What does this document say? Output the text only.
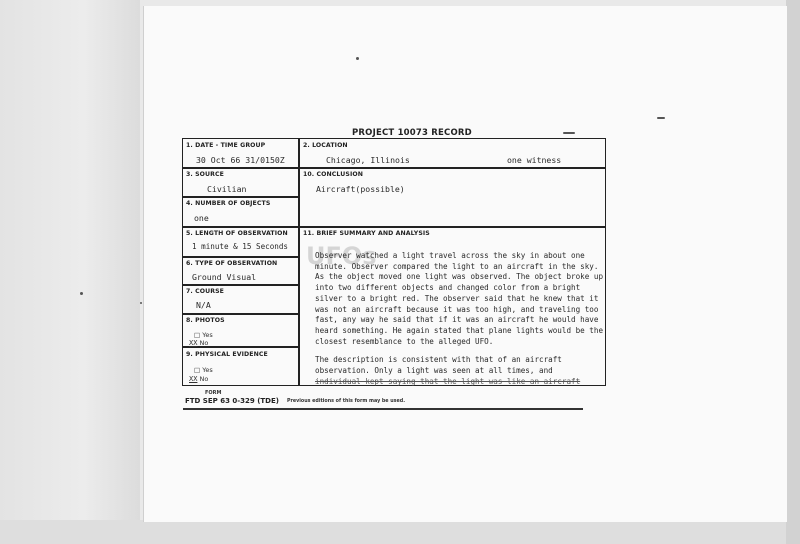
PROJECT 10073 RECORD
1. DATE - TIME GROUP
30 Oct 66 31/0150Z
2. LOCATION
Chicago, Illinois	one witness
3. SOURCE
Civilian
10. CONCLUSION
Aircraft(possible)
4. NUMBER OF OBJECTS
one
5. LENGTH OF OBSERVATION
1 minute & 15 Seconds
11. BRIEF SUMMARY AND ANALYSIS
6. TYPE OF OBSERVATION
Ground Visual
7. COURSE
N/A
8. PHOTOS
□ Yes
XX No
9. PHYSICAL EVIDENCE
□ Yes
XX No
Observer watched a light travel across the sky in about one minute. Observer compared the light to an aircraft in the sky. As the object moved one light was observed. The object broke up into two different objects and changed color from a bright silver to a bright red. The observer said that he knew that it was not an aircraft because it was too high, and traveling too fast, any way he said that if it was an aircraft he would have heard something. He again stated that plane lights would be the closest resemblance to the alleged UFO.
The description is consistent with that of an aircraft observation. Only a light was seen at all times, and
individual kept saying that the light was like an aircraft
UFOs
FORM
FTD SEP 63 0-329 (TDE) Previous editions of this form may be used.
